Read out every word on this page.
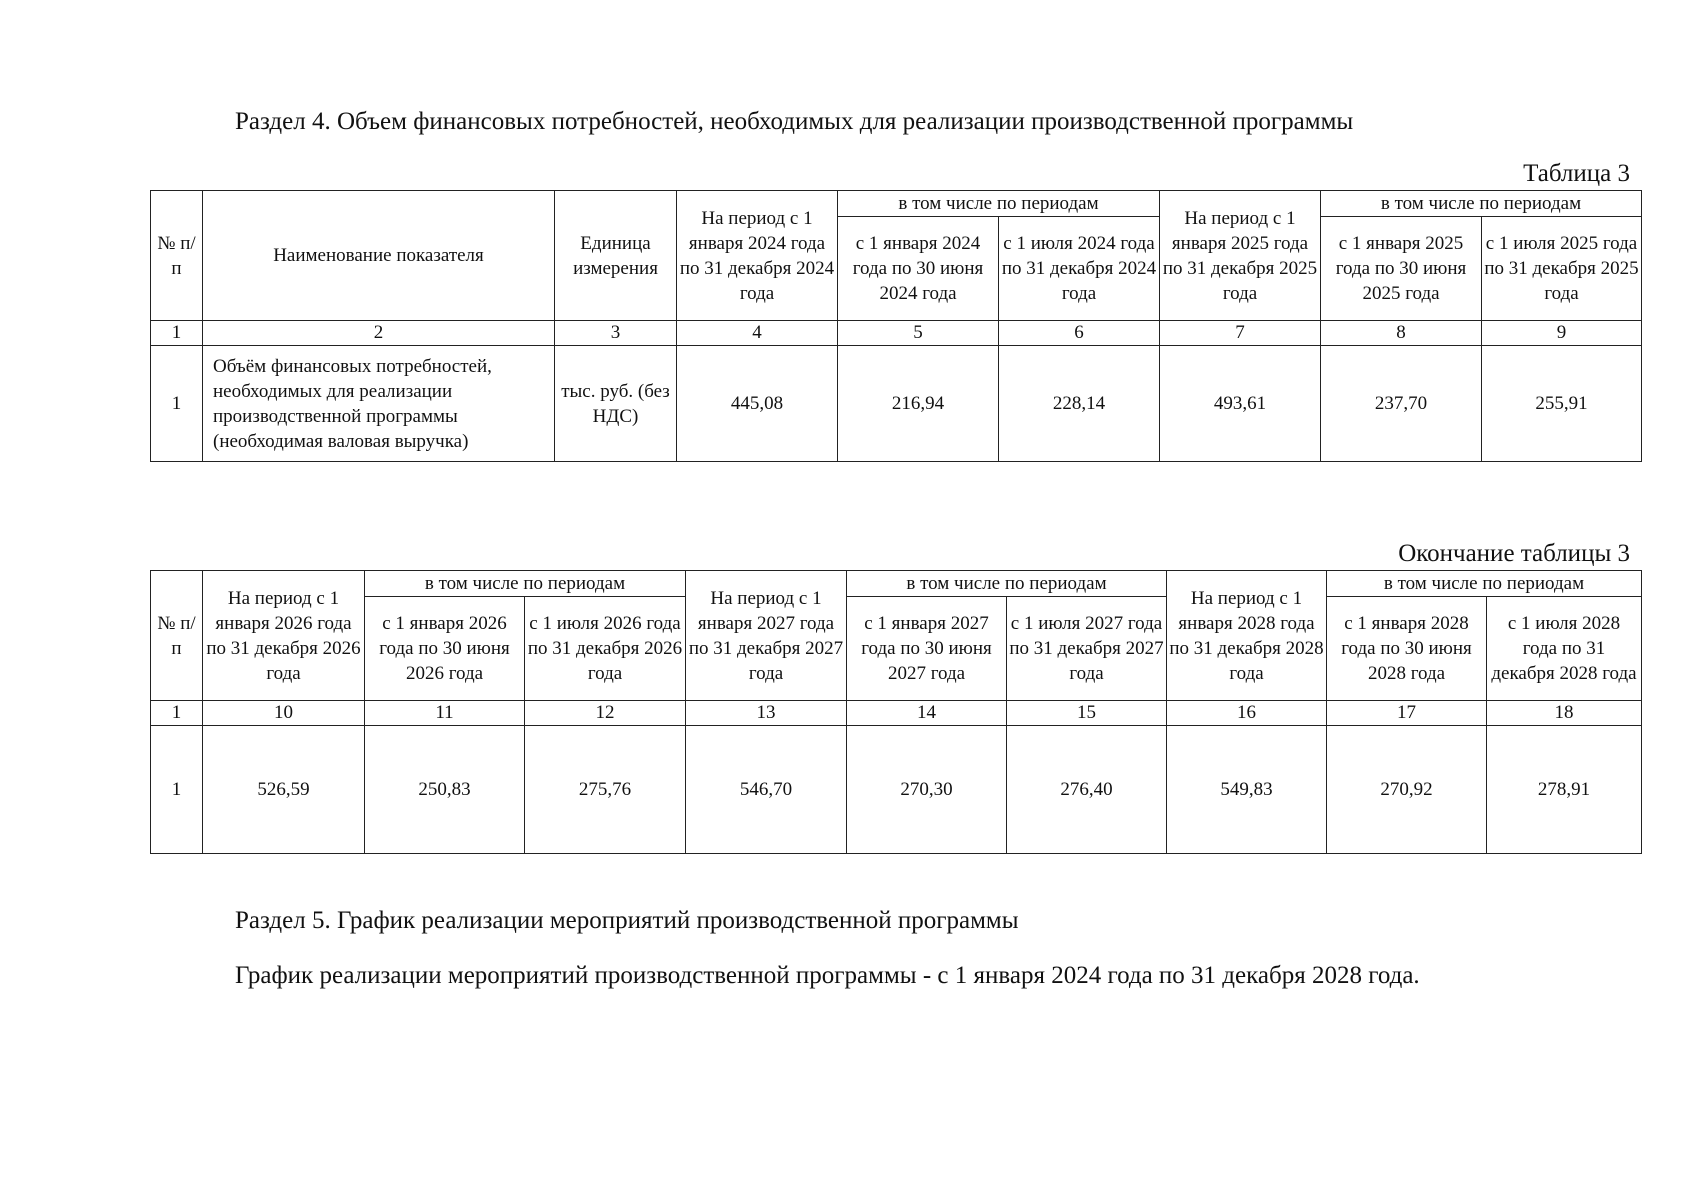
Раздел 4. Объем финансовых потребностей, необходимых для реализации производственной программы
Таблица 3
№ п/п	Наименование показателя	Единица измерения	На период с 1 января 2024 года по 31 декабря 2024 года	в том числе по периодам		На период с 1 января 2025 года по 31 декабря 2025 года	в том числе по периодам	
				с 1 января 2024 года по 30 июня 2024 года	с 1 июля 2024 года по 31 декабря 2024 года		с 1 января 2025 года по 30 июня 2025 года	с 1 июля 2025 года по 31 декабря 2025 года
1	2	3	4	5	6	7	8	9
1	Объём финансовых потребностей, необходимых для реализации производственной программы (необходимая валовая выручка)	тыс. руб. (без НДС)	445,08	216,94	228,14	493,61	237,70	255,91
Окончание таблицы 3
№ п/п	На период с 1 января 2026 года по 31 декабря 2026 года	в том числе по периодам		На период с 1 января 2027 года по 31 декабря 2027 года	в том числе по периодам		На период с 1 января 2028 года по 31 декабря 2028 года	в том числе по периодам	
		с 1 января 2026 года по 30 июня 2026 года	с 1 июля 2026 года по 31 декабря 2026 года		с 1 января 2027 года по 30 июня 2027 года	с 1 июля 2027 года по 31 декабря 2027 года		с 1 января 2028 года по 30 июня 2028 года	с 1 июля 2028 года по 31 декабря 2028 года
1	10	11	12	13	14	15	16	17	18
1	526,59	250,83	275,76	546,70	270,30	276,40	549,83	270,92	278,91
Раздел 5. График реализации мероприятий производственной программы
График реализации мероприятий производственной программы - с 1 января 2024 года по 31 декабря 2028 года.
